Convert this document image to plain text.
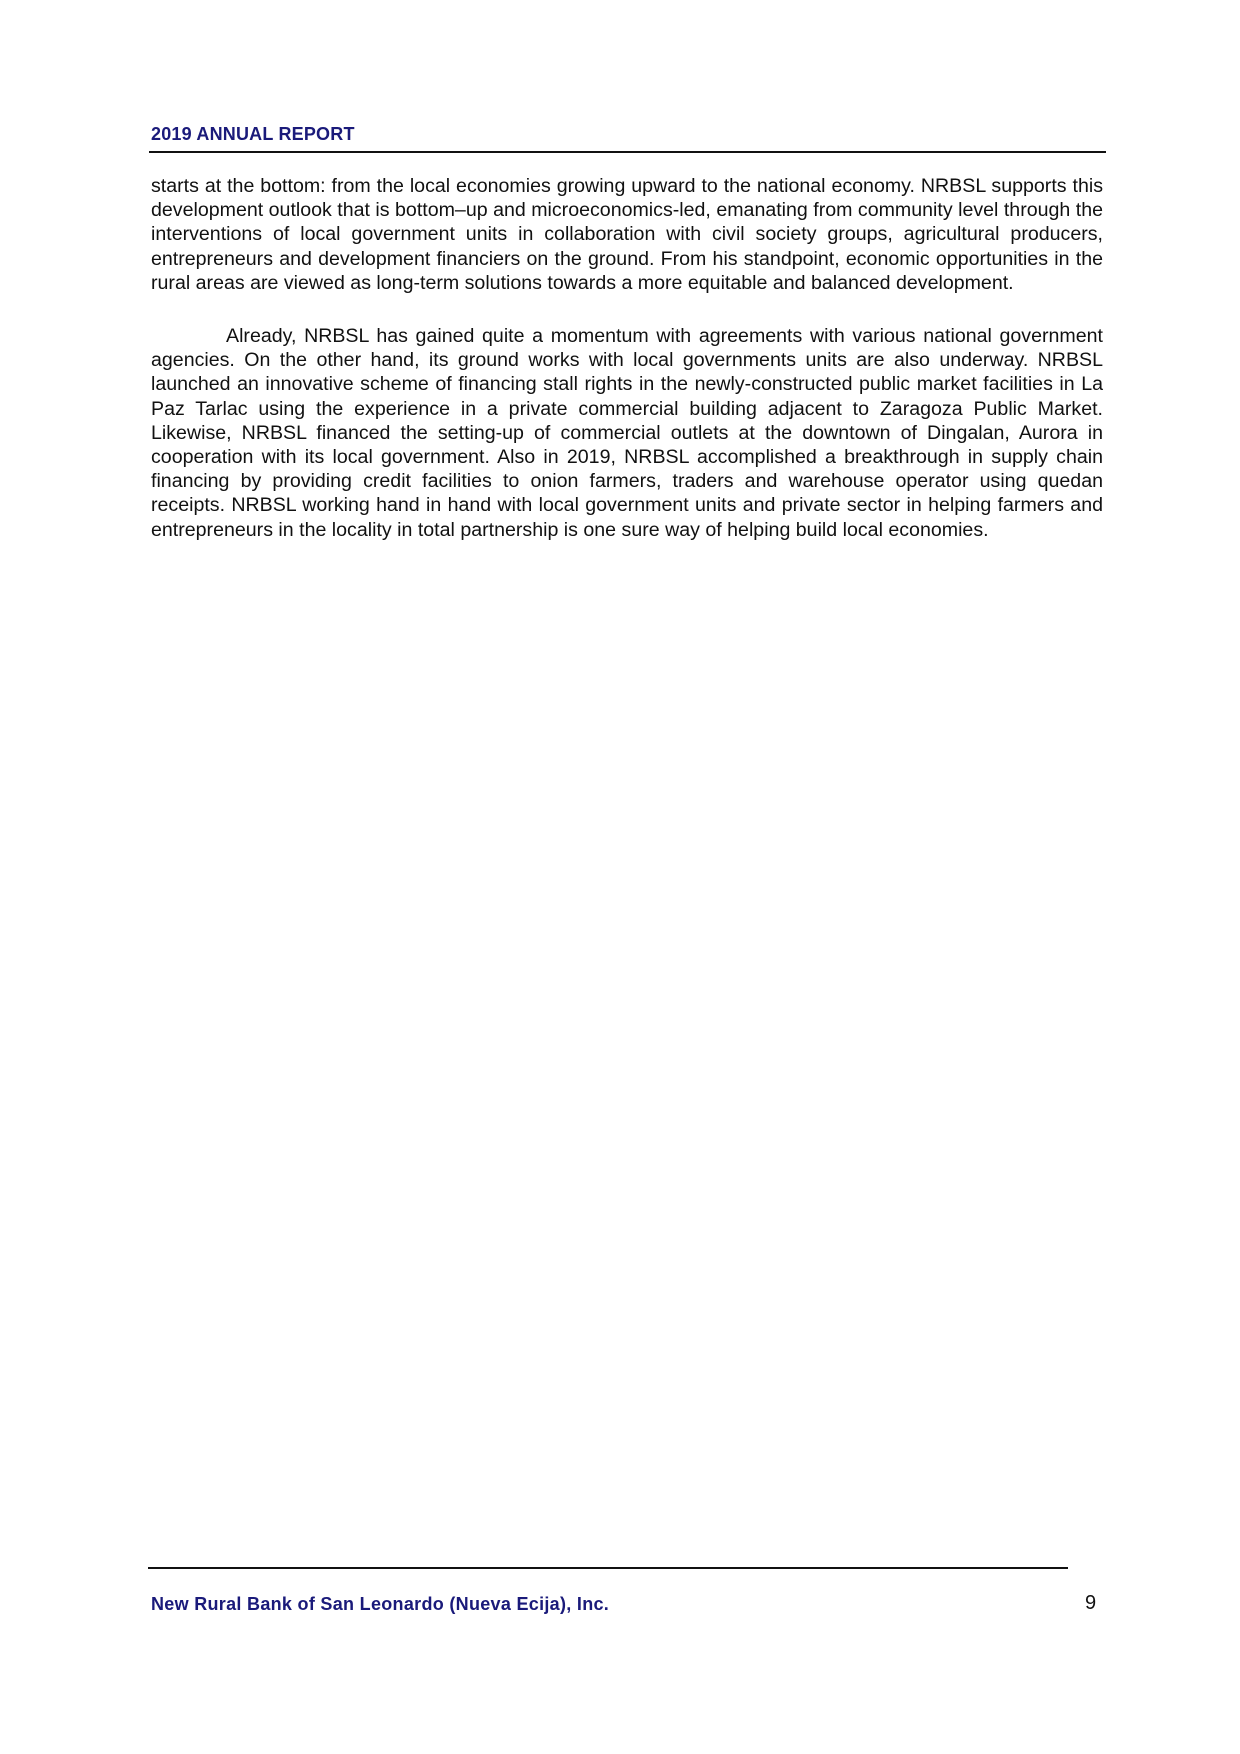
2019 ANNUAL REPORT

starts at the bottom: from the local economies growing upward to the national economy. NRBSL supports this development outlook that is bottom–up and microeconomics-led, emanating from community level through the interventions of local government units in collaboration with civil society groups, agricultural producers, entrepreneurs and development financiers on the ground. From his standpoint, economic opportunities in the rural areas are viewed as long-term solutions towards a more equitable and balanced development.

Already, NRBSL has gained quite a momentum with agreements with various national government agencies. On the other hand, its ground works with local governments units are also underway. NRBSL launched an innovative scheme of financing stall rights in the newly-constructed public market facilities in La Paz Tarlac using the experience in a private commercial building adjacent to Zaragoza Public Market. Likewise, NRBSL financed the setting-up of commercial outlets at the downtown of Dingalan, Aurora in cooperation with its local government. Also in 2019, NRBSL accomplished a breakthrough in supply chain financing by providing credit facilities to onion farmers, traders and warehouse operator using quedan receipts. NRBSL working hand in hand with local government units and private sector in helping farmers and entrepreneurs in the locality in total partnership is one sure way of helping build local economies.

New Rural Bank of San Leonardo (Nueva Ecija), Inc.	9
